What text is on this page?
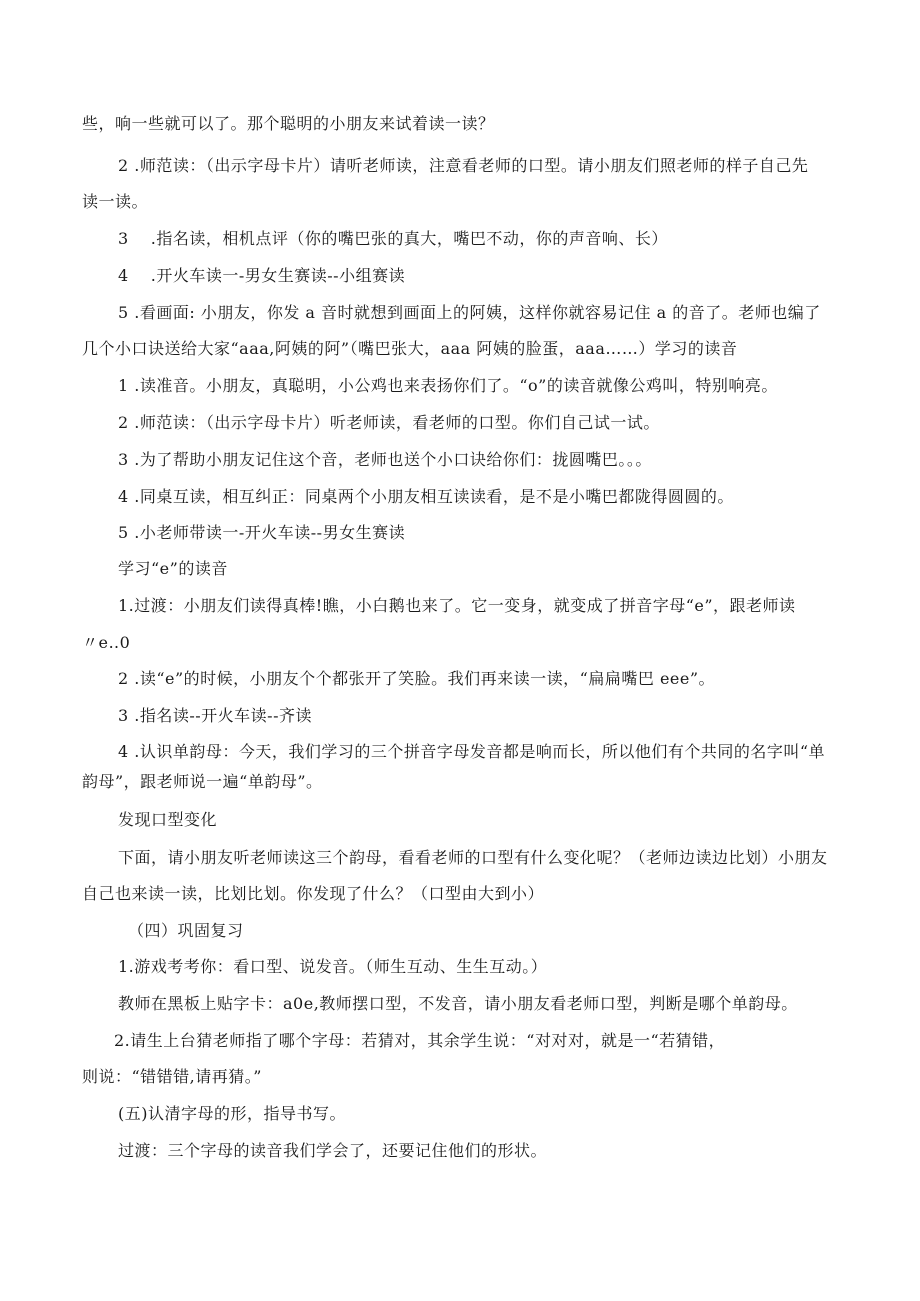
些，响一些就可以了。那个聪明的小朋友来试着读一读？

2 .师范读：（出示字母卡片）请听老师读，注意看老师的口型。请小朋友们照老师的样子自己先

读一读。

3　 .指名读，相机点评（你的嘴巴张的真大，嘴巴不动，你的声音响、长）

4　 .开火车读一-男女生赛读--小组赛读

5 .看画面: 小朋友，你发 a 音时就想到画面上的阿姨，这样你就容易记住 a 的音了。老师也编了

几个小口诀送给大家“aaa,阿姨的阿”（嘴巴张大，aaa 阿姨的脸蛋，aaa……）学习的读音

1 .读准音。小朋友，真聪明，小公鸡也来表扬你们了。“o”的读音就像公鸡叫，特别响亮。

2 .师范读：（出示字母卡片）听老师读，看老师的口型。你们自己试一试。

3 .为了帮助小朋友记住这个音，老师也送个小口诀给你们：拢圆嘴巴。。。

4 .同桌互读，相互纠正：同桌两个小朋友相互读读看，是不是小嘴巴都陇得圆圆的。

5 .小老师带读一-开火车读--男女生赛读

学习“e”的读音

1.过渡：小朋友们读得真棒!瞧，小白鹅也来了。它一变身，就变成了拼音字母“e”，跟老师读

〃e‥0

2 .读“e”的时候，小朋友个个都张开了笑脸。我们再来读一读，“扁扁嘴巴 eee”。

3 .指名读--开火车读--齐读

4 .认识单韵母：今天，我们学习的三个拼音字母发音都是响而长，所以他们有个共同的名字叫“单

韵母”，跟老师说一遍“单韵母”。

发现口型变化

下面，请小朋友听老师读这三个韵母，看看老师的口型有什么变化呢？（老师边读边比划）小朋友

自己也来读一读，比划比划。你发现了什么？（口型由大到小）

（四）巩固复习

1.游戏考考你：看口型、说发音。（师生互动、生生互动。）

教师在黑板上贴字卡：a0e,教师摆口型，不发音，请小朋友看老师口型，判断是哪个单韵母。

2.请生上台猜老师指了哪个字母：若猜对，其余学生说：“对对对，就是一“若猜错，

则说：“错错错,请再猜。”

(五)认清字母的形，指导书写。

过渡：三个字母的读音我们学会了，还要记住他们的形状。
